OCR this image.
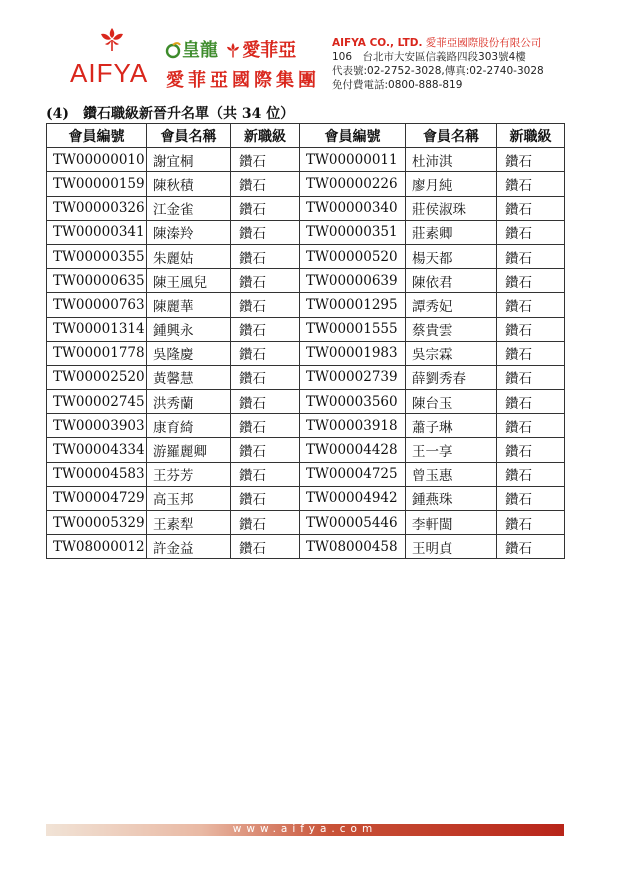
AIFYA
皇龍 愛菲亞
愛菲亞國際集團
AIFYA CO., LTD. 愛菲亞國際股份有限公司
106　台北市大安區信義路四段303號4樓
代表號:02-2752-3028,傳真:02-2740-3028
免付費電話:0800-888-819
(4)　鑽石職級新晉升名單（共 34 位）
會員編號	會員名稱	新職級	會員編號	會員名稱	新職級
TW00000010	謝宜桐	鑽石	TW00000011	杜沛淇	鑽石
TW00000159	陳秋積	鑽石	TW00000226	廖月純	鑽石
TW00000326	江金雀	鑽石	TW00000340	莊侯淑珠	鑽石
TW00000341	陳溱羚	鑽石	TW00000351	莊素卿	鑽石
TW00000355	朱麗姑	鑽石	TW00000520	楊天都	鑽石
TW00000635	陳王風兒	鑽石	TW00000639	陳依君	鑽石
TW00000763	陳麗華	鑽石	TW00001295	譚秀妃	鑽石
TW00001314	鍾興永	鑽石	TW00001555	蔡貴雲	鑽石
TW00001778	吳隆慶	鑽石	TW00001983	吳宗霖	鑽石
TW00002520	黃馨慧	鑽石	TW00002739	薛劉秀春	鑽石
TW00002745	洪秀蘭	鑽石	TW00003560	陳台玉	鑽石
TW00003903	康育綺	鑽石	TW00003918	蕭子琳	鑽石
TW00004334	游羅麗卿	鑽石	TW00004428	王一享	鑽石
TW00004583	王芬芳	鑽石	TW00004725	曾玉惠	鑽石
TW00004729	高玉邦	鑽石	TW00004942	鍾燕珠	鑽石
TW00005329	王素犁	鑽石	TW00005446	李軒閩	鑽石
TW08000012	許金益	鑽石	TW08000458	王明貞	鑽石
www.aifya.com
